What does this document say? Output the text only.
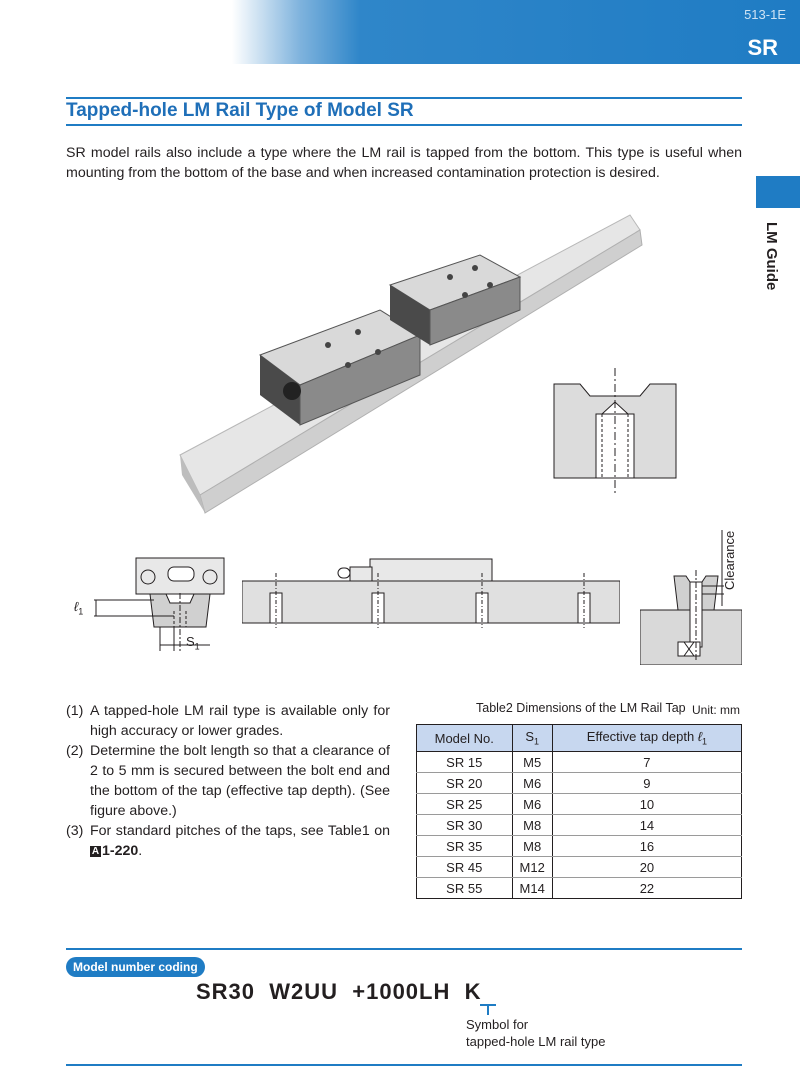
513-1E
SR
LM Guide
Tapped-hole LM Rail Type of Model SR
SR model rails also include a type where the LM rail is tapped from the bottom. This type is useful when mounting from the bottom of the base and when increased contamination protection is desired.
ℓ$_1$
$S_1$
Clearance
(1) A tapped-hole LM rail type is available only for high accuracy or lower grades.
(2) Determine the bolt length so that a clearance of 2 to 5 mm is secured between the bolt end and the bottom of the tap (effective tap depth). (See figure above.)
(3) For standard pitches of the taps, see Table1 on A 1-220.
Table2 Dimensions of the LM Rail Tap Unit: mm
Model No.	$S_1$	Effective tap depth ℓ$_1$
SR 15	M5	7
SR 20	M6	9
SR 25	M6	10
SR 30	M8	14
SR 35	M8	16
SR 45	M12	20
SR 55	M14	22
Model number coding
SR30  W2UU  +1000LH  K
Symbol for
tapped-hole LM rail type
